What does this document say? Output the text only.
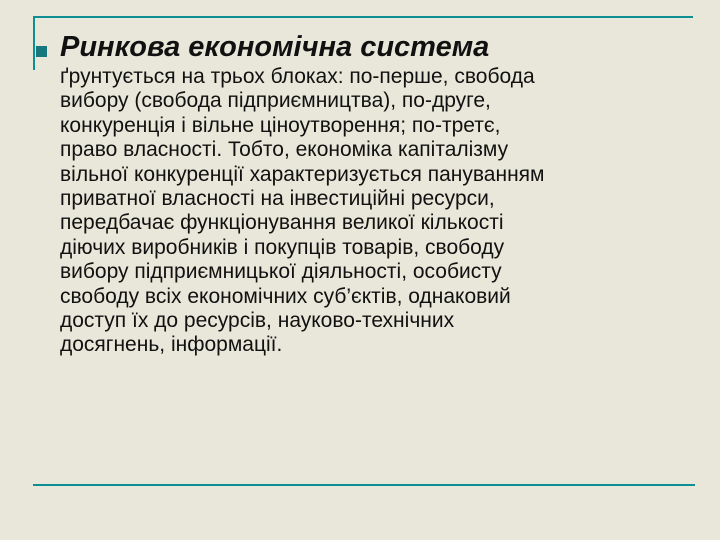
Ринкова економічна система
ґрунтується на трьох блоках: по-перше, свобода
вибору (свобода підприємництва), по-друге,
конкуренція і вільне ціноутворення; по-третє,
право власності. Тобто, економіка капіталізму
вільної конкуренції характеризується пануванням
приватної власності на інвестиційні ресурси,
передбачає функціонування великої кількості
діючих виробників і покупців товарів, свободу
вибору підприємницької діяльності, особисту
свободу всіх економічних суб’єктів, однаковий
доступ їх до ресурсів, науково-технічних
досягнень, інформації.
